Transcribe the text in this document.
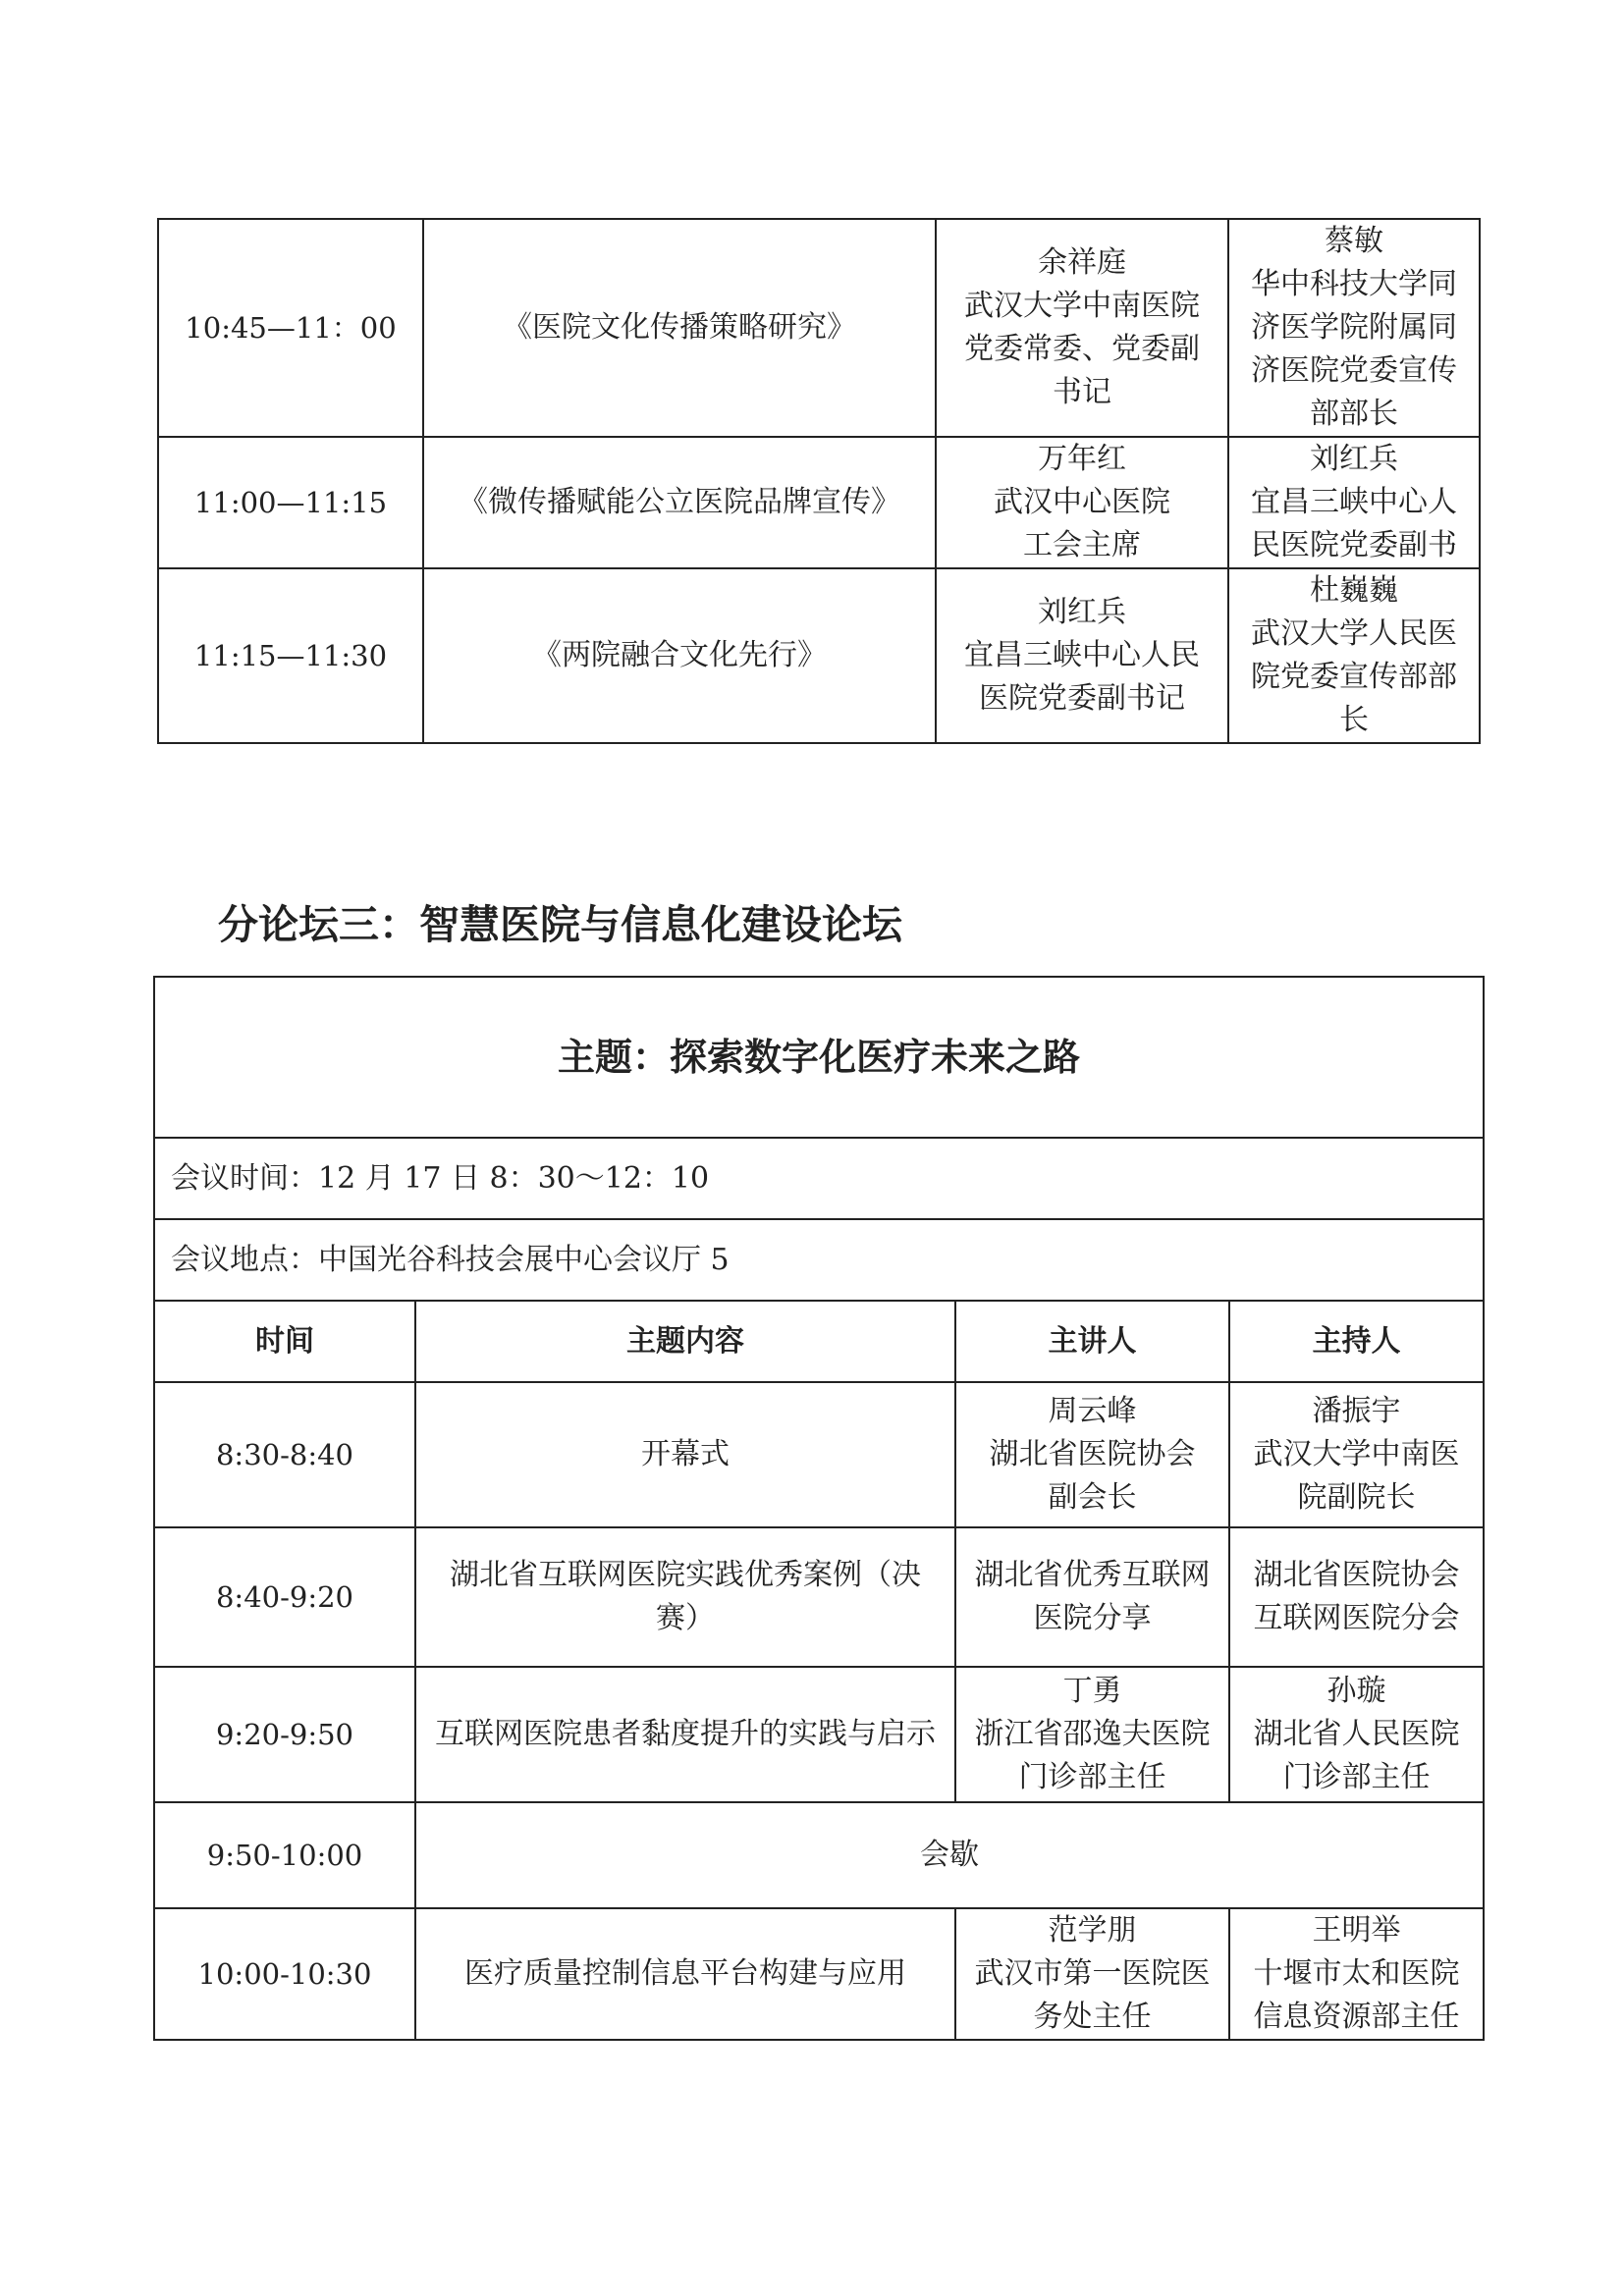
10:45—11：00	《医院文化传播策略研究》	余祥庭
武汉大学中南医院
党委常委、党委副
书记	蔡敏
华中科技大学同
济医学院附属同
济医院党委宣传
部部长

11:00—11:15	《微传播赋能公立医院品牌宣传》	万年红
武汉中心医院
工会主席	刘红兵
宜昌三峡中心人
民医院党委副书

11:15—11:30	《两院融合文化先行》	刘红兵
宜昌三峡中心人民
医院党委副书记	杜巍巍
武汉大学人民医
院党委宣传部部
长
分论坛三：智慧医院与信息化建设论坛
主题：探索数字化医疗未来之路			
会议时间：12 月 17 日 8：30～12：10			
会议地点：中国光谷科技会展中心会议厅 5			
时间	主题内容	主讲人	主持人
8:30-8:40	开幕式	周云峰
湖北省医院协会
副会长	潘振宇
武汉大学中南医
院副院长

8:40-9:20	湖北省互联网医院实践优秀案例（决
赛）	湖北省优秀互联网
医院分享	湖北省医院协会
互联网医院分会

9:20-9:50	互联网医院患者黏度提升的实践与启示	丁勇
浙江省邵逸夫医院
门诊部主任	孙璇
湖北省人民医院
门诊部主任

9:50-10:00	会歇		
10:00-10:30	医疗质量控制信息平台构建与应用	范学朋
武汉市第一医院医
务处主任	王明举
十堰市太和医院
信息资源部主任
